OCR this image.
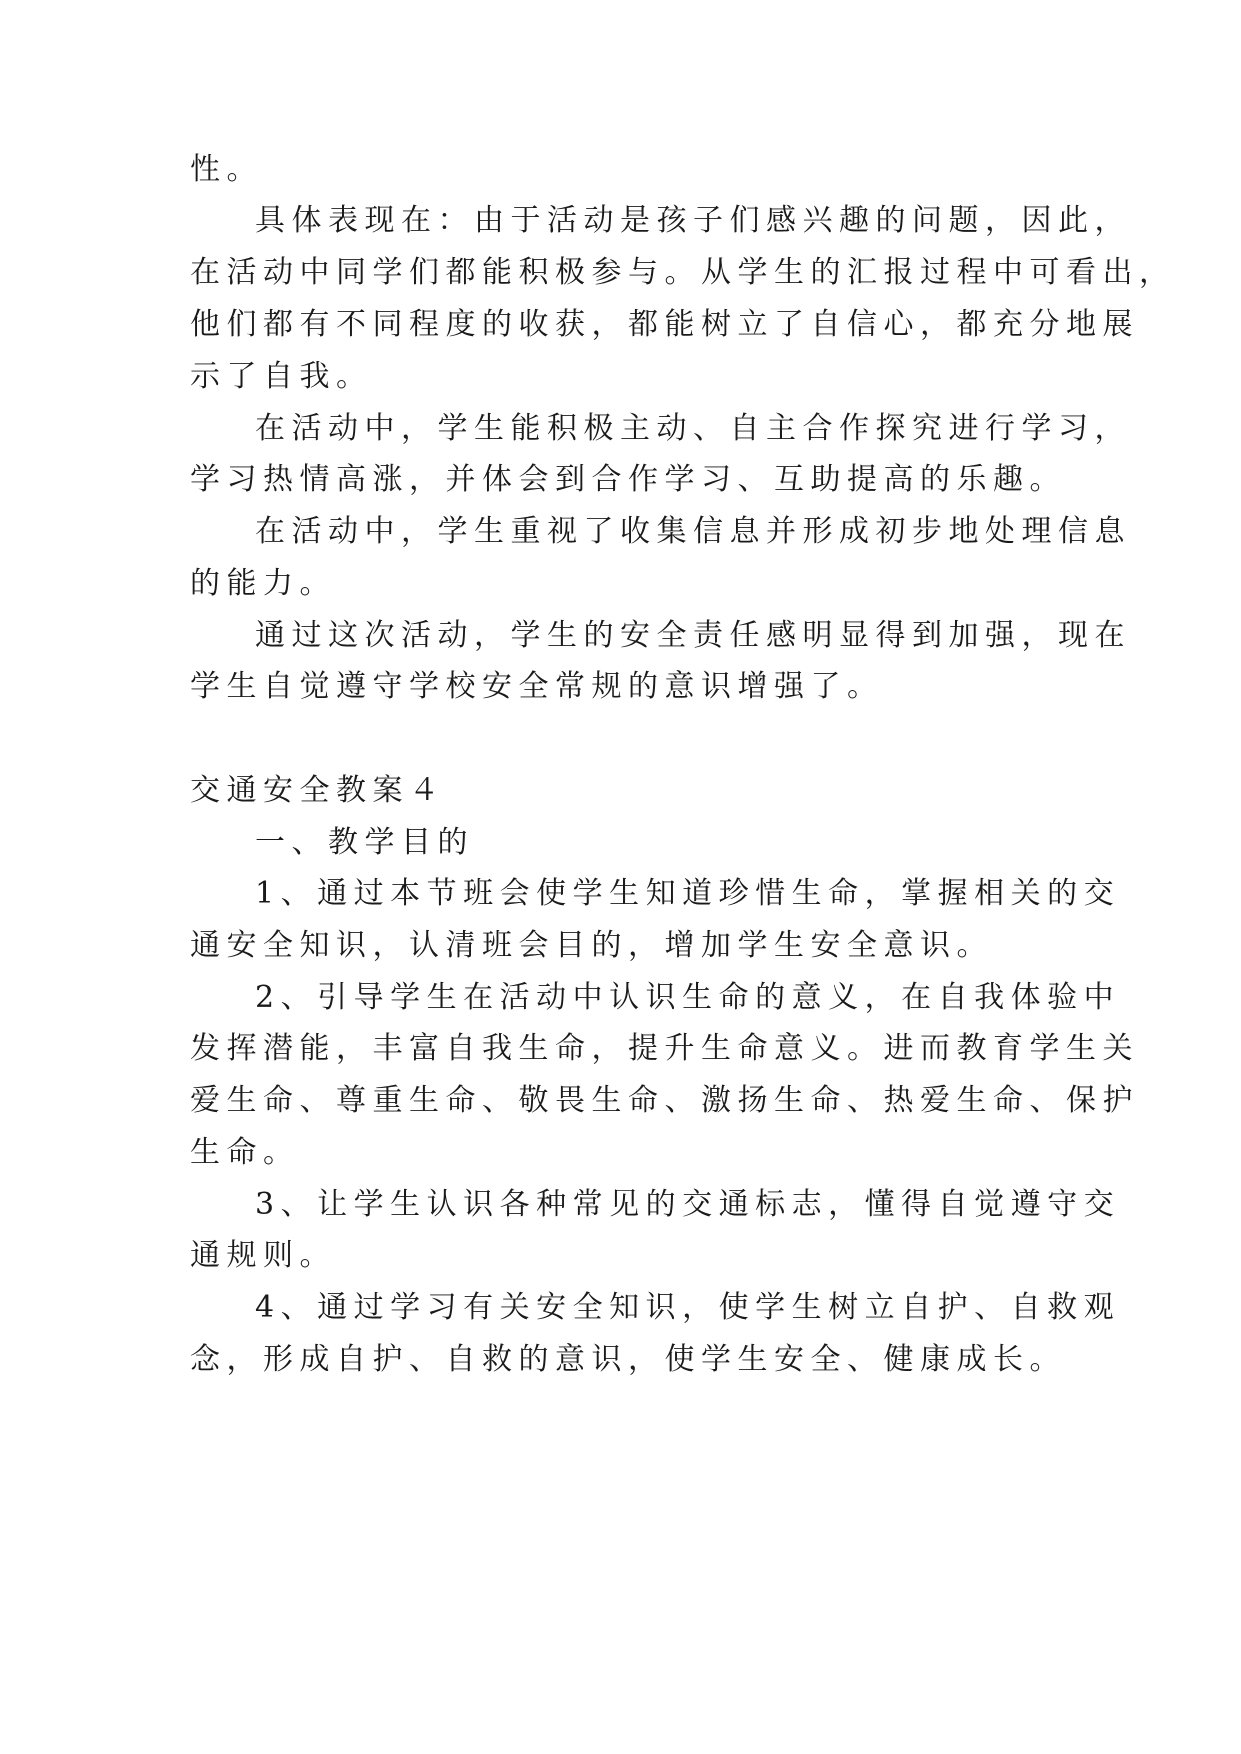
性。
具体表现在：由于活动是孩子们感兴趣的问题，因此，
在活动中同学们都能积极参与。从学生的汇报过程中可看出，
他们都有不同程度的收获，都能树立了自信心，都充分地展
示了自我。
在活动中，学生能积极主动、自主合作探究进行学习，
学习热情高涨，并体会到合作学习、互助提高的乐趣。
在活动中，学生重视了收集信息并形成初步地处理信息
的能力。
通过这次活动，学生的安全责任感明显得到加强，现在
学生自觉遵守学校安全常规的意识增强了。
交通安全教案４
一、教学目的
1、通过本节班会使学生知道珍惜生命，掌握相关的交
通安全知识，认清班会目的，增加学生安全意识。
2、引导学生在活动中认识生命的意义，在自我体验中
发挥潜能，丰富自我生命，提升生命意义。进而教育学生关
爱生命、尊重生命、敬畏生命、激扬生命、热爱生命、保护
生命。
3、让学生认识各种常见的交通标志，懂得自觉遵守交
通规则。
4、通过学习有关安全知识，使学生树立自护、自救观
念，形成自护、自救的意识，使学生安全、健康成长。
